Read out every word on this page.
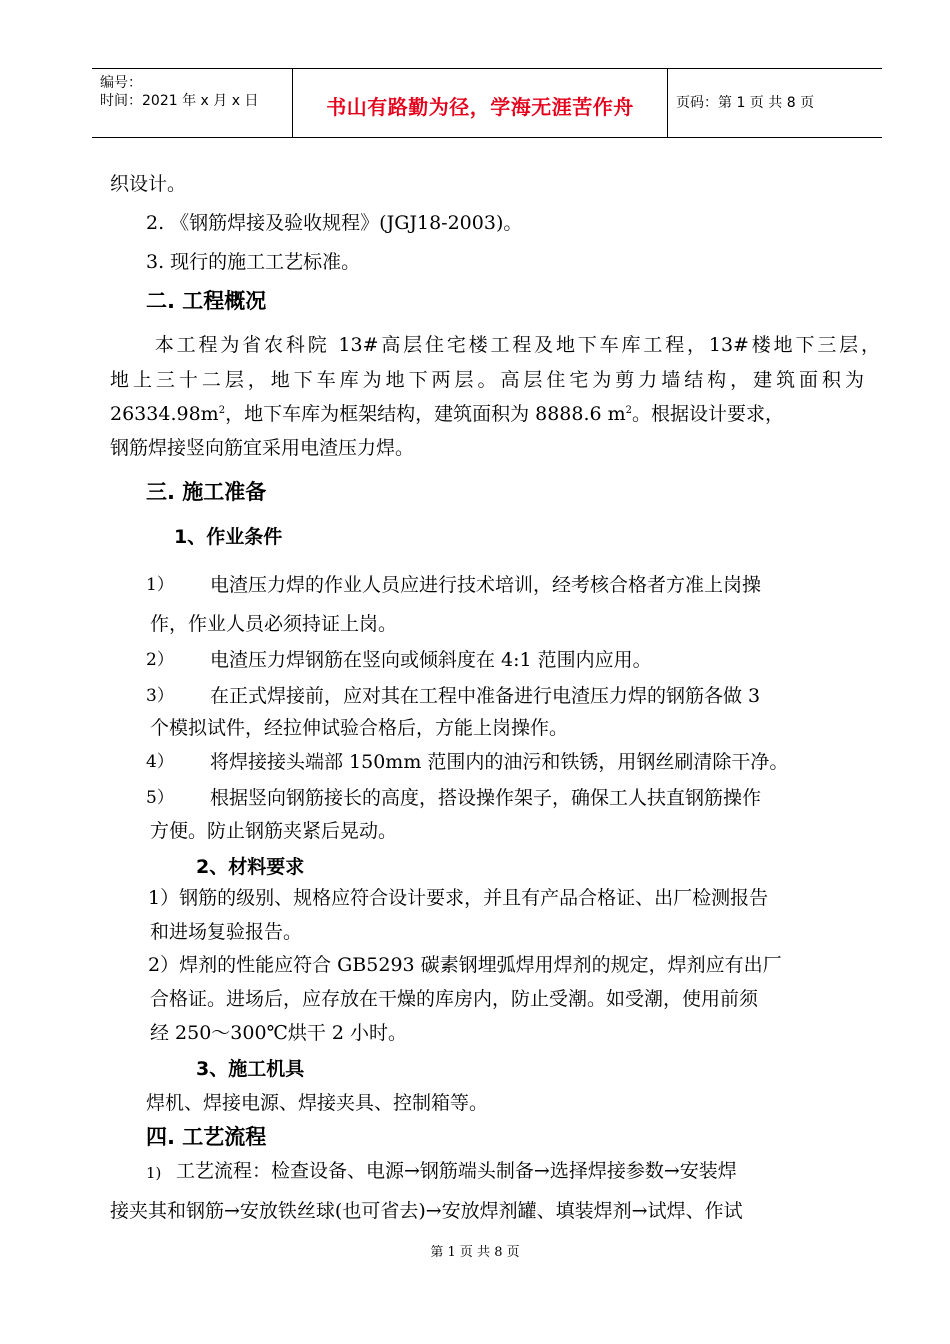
编号：
时间：2021 年 x 月 x 日	书山有路勤为径，学海无涯苦作舟	页码：第 1 页 共 8 页
织设计。
2. 《钢筋焊接及验收规程》(JGJ18-2003)。
3. 现行的施工工艺标准。
二. 工程概况
本工程为省农科院 13#高层住宅楼工程及地下车库工程，13#楼地下三层，
地上三十二层，地下车库为地下两层。高层住宅为剪力墙结构，建筑面积为
$26334.98m^2$，地下车库为框架结构，建筑面积为 8888.6 $m^2$。根据设计要求，
钢筋焊接竖向筋宜采用电渣压力焊。
三. 施工准备
1、作业条件
1） 电渣压力焊的作业人员应进行技术培训，经考核合格者方准上岗操
作，作业人员必须持证上岗。
2） 电渣压力焊钢筋在竖向或倾斜度在 4:1 范围内应用。
3） 在正式焊接前，应对其在工程中准备进行电渣压力焊的钢筋各做 3
个模拟试件，经拉伸试验合格后，方能上岗操作。
4） 将焊接接头端部 150mm 范围内的油污和铁锈，用钢丝刷清除干净。
5） 根据竖向钢筋接长的高度，搭设操作架子，确保工人扶直钢筋操作
方便。防止钢筋夹紧后晃动。
2、材料要求
1）钢筋的级别、规格应符合设计要求，并且有产品合格证、出厂检测报告
和进场复验报告。
2）焊剂的性能应符合 GB5293 碳素钢埋弧焊用焊剂的规定，焊剂应有出厂
合格证。进场后，应存放在干燥的库房内，防止受潮。如受潮，使用前须
经 250～300℃烘干 2 小时。
3、施工机具
焊机、焊接电源、焊接夹具、控制箱等。
四. 工艺流程
1) 工艺流程：检查设备、电源→钢筋端头制备→选择焊接参数→安装焊
接夹其和钢筋→安放铁丝球(也可省去)→安放焊剂罐、填装焊剂→试焊、作试
第 1 页 共 8 页
